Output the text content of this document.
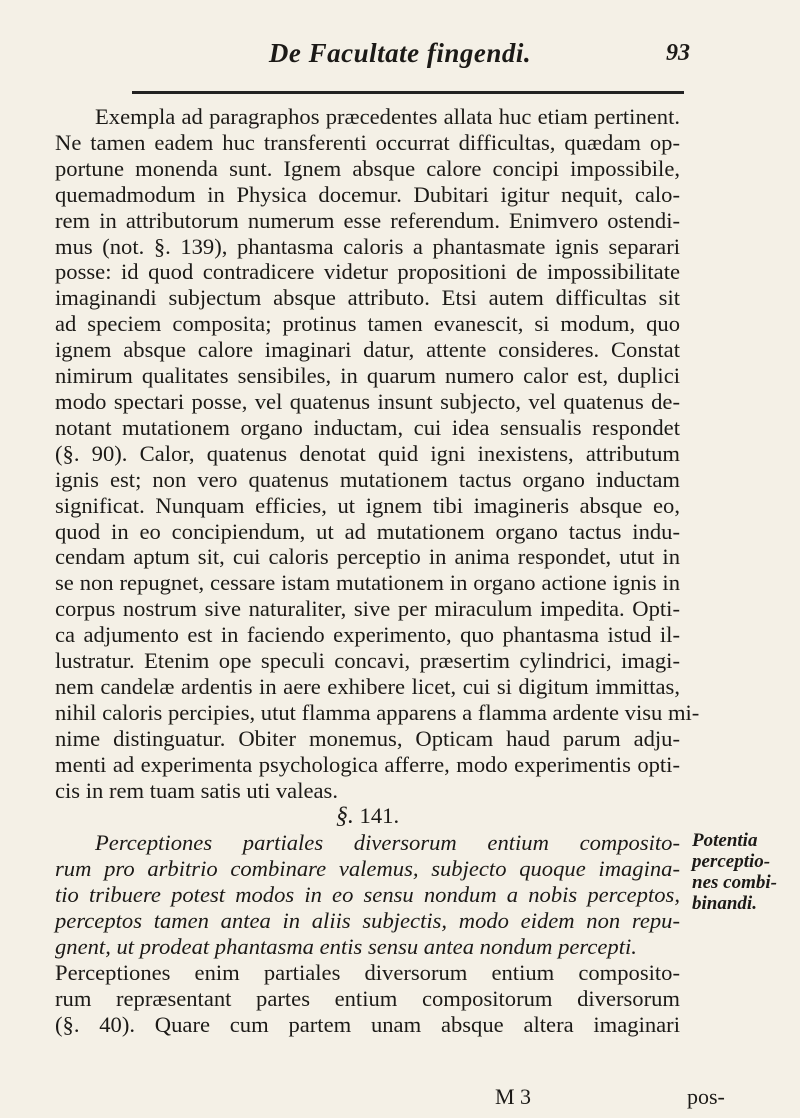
De Facultate fingendi.	93
Exempla ad paragraphos præcedentes allata huc etiam pertinent.
Ne tamen eadem huc transferenti occurrat difficultas, quædam op-
portune monenda sunt. Ignem absque calore concipi impossibile,
quemadmodum in Physica docemur. Dubitari igitur nequit, calo-
rem in attributorum numerum esse referendum. Enimvero ostendi-
mus (not. §. 139), phantasma caloris a phantasmate ignis separari
posse: id quod contradicere videtur propositioni de impossibilitate
imaginandi subjectum absque attributo. Etsi autem difficultas sit
ad speciem composita; protinus tamen evanescit, si modum, quo
ignem absque calore imaginari datur, attente consideres. Constat
nimirum qualitates sensibiles, in quarum numero calor est, duplici
modo spectari posse, vel quatenus insunt subjecto, vel quatenus de-
notant mutationem organo inductam, cui idea sensualis respondet
(§. 90). Calor, quatenus denotat quid igni inexistens, attributum
ignis est; non vero quatenus mutationem tactus organo inductam
significat. Nunquam efficies, ut ignem tibi imagineris absque eo,
quod in eo concipiendum, ut ad mutationem organo tactus indu-
cendam aptum sit, cui caloris perceptio in anima respondet, utut in
se non repugnet, cessare istam mutationem in organo actione ignis in
corpus nostrum sive naturaliter, sive per miraculum impedita. Opti-
ca adjumento est in faciendo experimento, quo phantasma istud il-
lustratur. Etenim ope speculi concavi, præsertim cylindrici, imagi-
nem candelæ ardentis in aere exhibere licet, cui si digitum immittas,
nihil caloris percipies, utut flamma apparens a flamma ardente visu mi-
nime distinguatur. Obiter monemus, Opticam haud parum adju-
menti ad experimenta psychologica afferre, modo experimentis opti-
cis in rem tuam satis uti valeas.
§. 141.
Perceptiones partiales diversorum entium composito-
rum pro arbitrio combinare valemus, subjecto quoque imagina-
tio tribuere potest modos in eo sensu nondum a nobis perceptos,
perceptos tamen antea in aliis subjectis, modo eidem non repu-
gnent, ut prodeat phantasma entis sensu antea nondum percepti.
Perceptiones enim partiales diversorum entium composito-
rum repræsentant partes entium compositorum diversorum
(§. 40). Quare cum partem unam absque altera imaginari
Potentia
perceptio-
nes combi-
binandi.
M 3	pos-
